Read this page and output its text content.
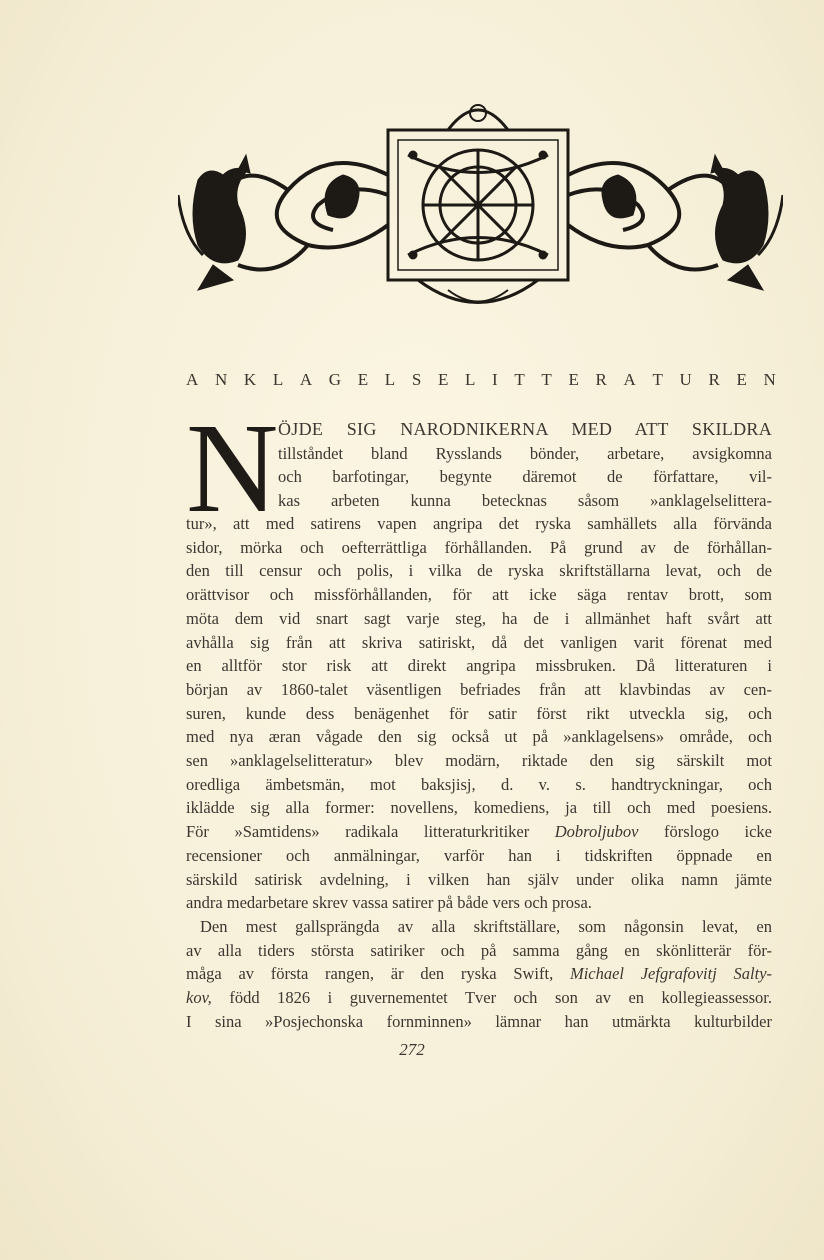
A N K L A G E L S E L I T T E R A T U R E N
N ÖJDE SIG NARODNIKERNA MED ATT SKILDRA
tillståndet bland Rysslands bönder, arbetare, avsigkomna
och barfotingar, begynte däremot de författare, vil-
kas arbeten kunna betecknas såsom »anklagelselittera-

tur», att med satirens vapen angripa det ryska samhällets alla förvända
sidor, mörka och oefterrättliga förhållanden. På grund av de förhållan-
den till censur och polis, i vilka de ryska skriftställarna levat, och de
orättvisor och missförhållanden, för att icke säga rentav brott, som
möta dem vid snart sagt varje steg, ha de i allmänhet haft svårt att
avhålla sig från att skriva satiriskt, då det vanligen varit förenat med
en alltför stor risk att direkt angripa missbruken. Då litteraturen i
början av 1860-talet väsentligen befriades från att klavbindas av cen-
suren, kunde dess benägenhet för satir först rikt utveckla sig, och
med nya æran vågade den sig också ut på »anklagelsens» område, och
sen »anklagelselitteratur» blev modärn, riktade den sig särskilt mot
oredliga ämbetsmän, mot baksjisj, d. v. s. handtryckningar, och
iklädde sig alla former: novellens, komediens, ja till och med poesiens.
För »Samtidens» radikala litteraturkritiker Dobroljubov förslogo icke
recensioner och anmälningar, varför han i tidskriften öppnade en
särskild satirisk avdelning, i vilken han själv under olika namn jämte
andra medarbetare skrev vassa satirer på både vers och prosa.

Den mest gallsprängda av alla skriftställare, som någonsin levat, en
av alla tiders största satiriker och på samma gång en skönlitterär för-
måga av första rangen, är den ryska Swift, Michael Jefgrafovitj Salty-
kov, född 1826 i guvernementet Tver och son av en kollegieassessor.
I sina »Posjechonska fornminnen» lämnar han utmärkta kulturbilder

272
